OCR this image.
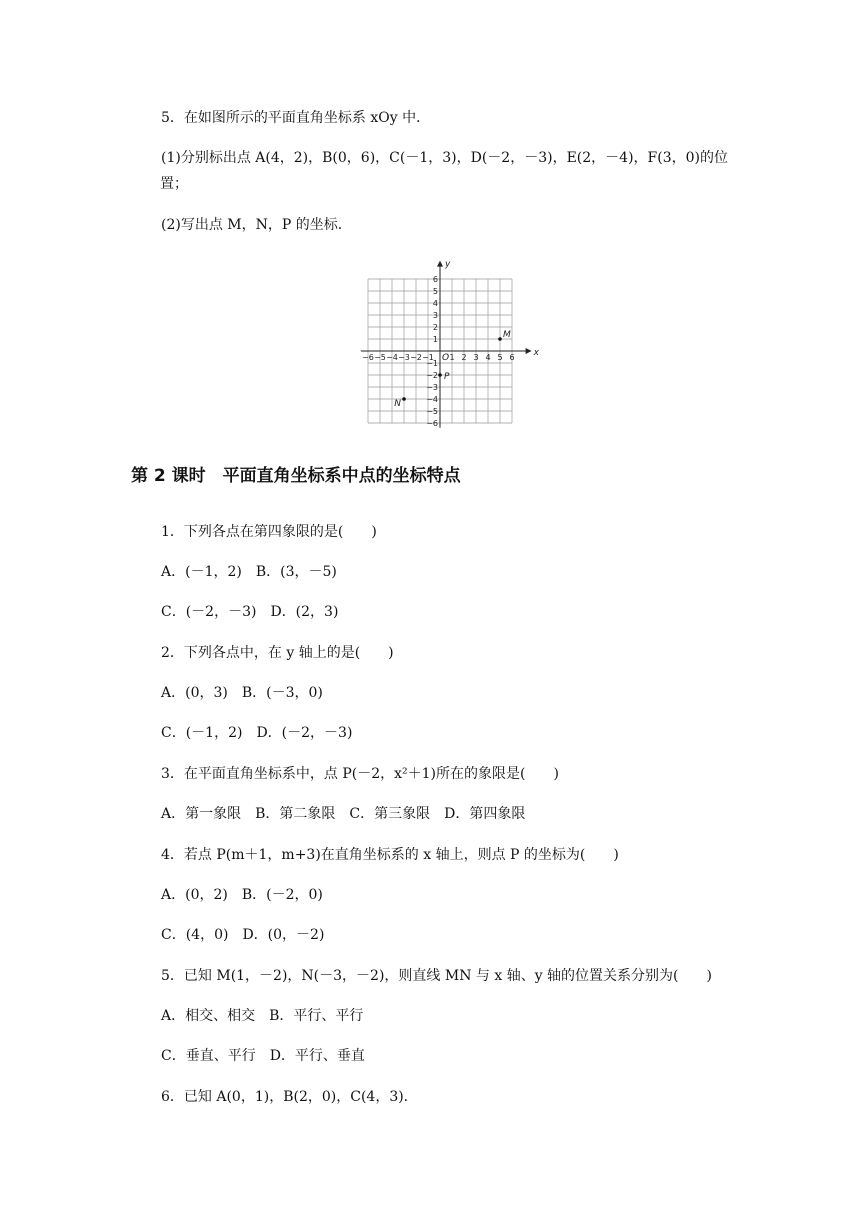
5．在如图所示的平面直角坐标系 xOy 中．
(1)分别标出点 A(4，2)，B(0，6)，C(－1，3)，D(－2，－3)，E(2，－4)，F(3，0)的位
置；
(2)写出点 M，N，P 的坐标．
−6 −5 −4 −3 −2 −1 1 2 3 4 5 6
6
5
4
3
2
1
−1
−2
−3
−4
−5
−6
M
N
P
x
y
O
第 2 课时　平面直角坐标系中点的坐标特点
1．下列各点在第四象限的是(　　)
A．(－1，2)　B．(3，－5)
C．(－2，－3)　D．(2，3)
2．下列各点中，在 y 轴上的是(　　)
A．(0，3)　B．(－3，0)
C．(－1，2)　D．(－2，－3)
3．在平面直角坐标系中，点 P(－2，x²＋1)所在的象限是(　　)
A．第一象限　B．第二象限　C．第三象限　D．第四象限
4．若点 P(m＋1，m+3)在直角坐标系的 x 轴上，则点 P 的坐标为(　　)
A．(0，2)　B．(－2，0)
C．(4，0)　D．(0，－2)
5．已知 M(1，－2)，N(－3，－2)，则直线 MN 与 x 轴、y 轴的位置关系分别为(　　)
A．相交、相交　B．平行、平行
C．垂直、平行　D．平行、垂直
6．已知 A(0，1)，B(2，0)，C(4，3)．
